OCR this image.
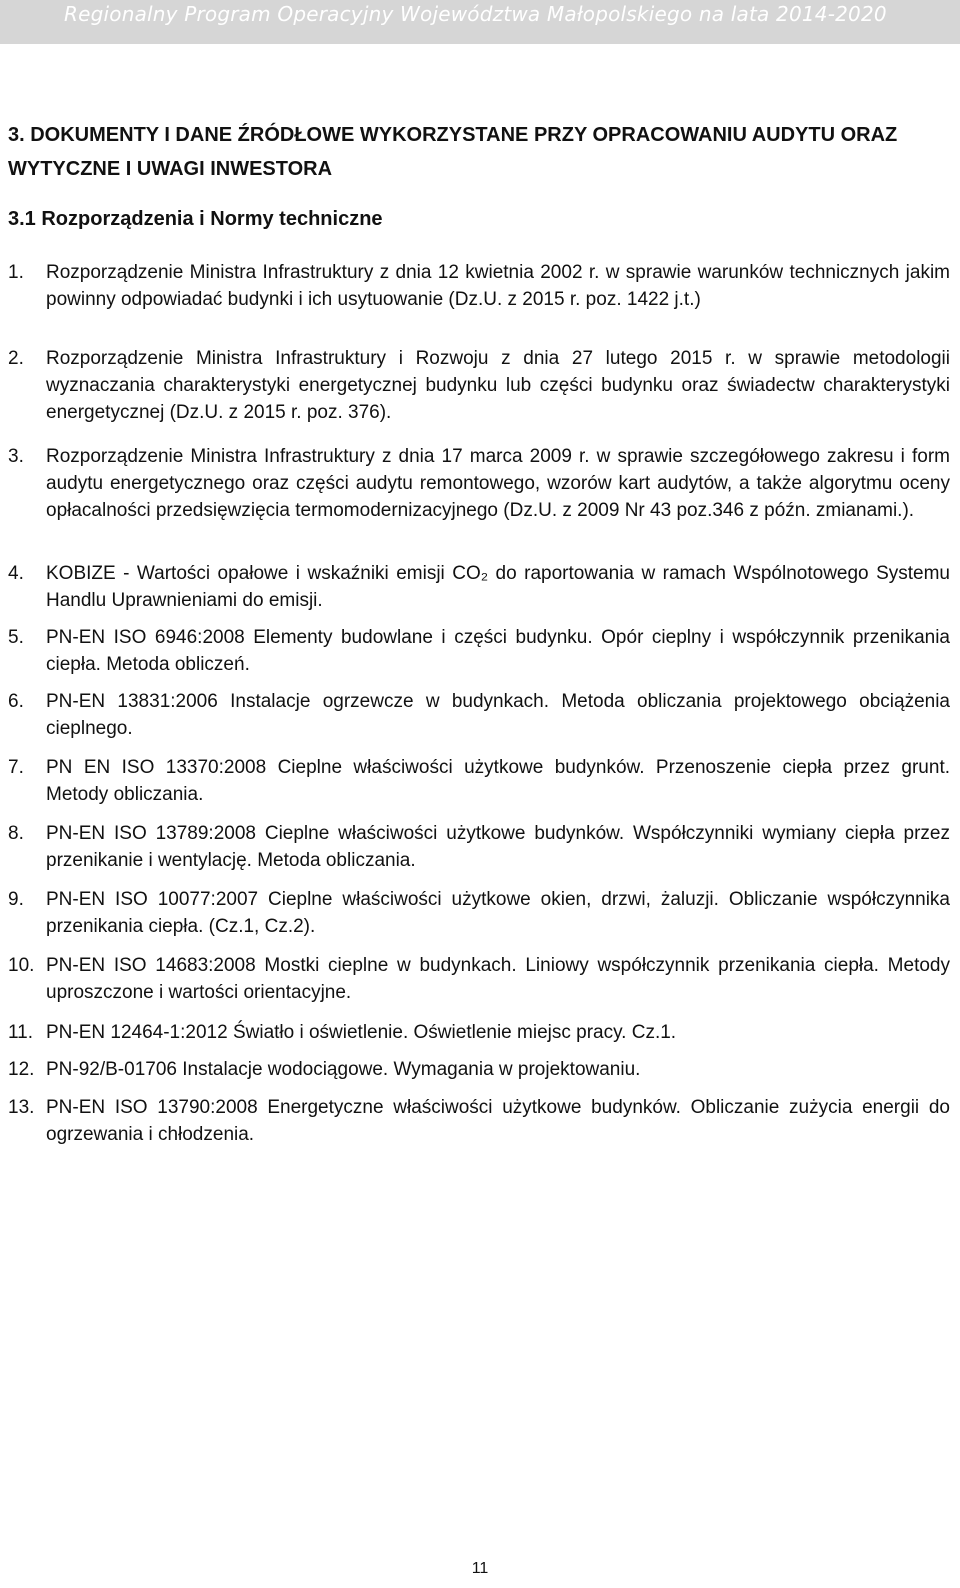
Regionalny Program Operacyjny Województwa Małopolskiego na lata 2014-2020
3. DOKUMENTY I DANE ŹRÓDŁOWE WYKORZYSTANE PRZY OPRACOWANIU AUDYTU ORAZ WYTYCZNE I UWAGI INWESTORA
3.1 Rozporządzenia i Normy techniczne
1.	Rozporządzenie Ministra Infrastruktury z dnia 12 kwietnia 2002 r. w sprawie warunków technicznych jakim powinny odpowiadać budynki i ich usytuowanie (Dz.U. z 2015 r. poz. 1422 j.t.)
2.	Rozporządzenie Ministra Infrastruktury i Rozwoju z dnia 27 lutego 2015 r. w sprawie metodologii wyznaczania charakterystyki energetycznej budynku lub części budynku oraz świadectw charakterystyki energetycznej (Dz.U. z 2015 r. poz. 376).
3.	Rozporządzenie Ministra Infrastruktury z dnia 17 marca 2009 r. w sprawie szczegółowego zakresu i form audytu energetycznego oraz części audytu remontowego, wzorów kart audytów, a także algorytmu oceny opłacalności przedsięwzięcia termomodernizacyjnego (Dz.U. z 2009 Nr 43 poz.346 z późn. zmianami.).
4.	KOBIZE - Wartości opałowe i wskaźniki emisji CO₂ do raportowania w ramach Wspólnotowego Systemu Handlu Uprawnieniami do emisji.
5.	PN-EN ISO 6946:2008 Elementy budowlane i części budynku. Opór cieplny i współczynnik przenikania ciepła. Metoda obliczeń.
6.	PN-EN 13831:2006 Instalacje ogrzewcze w budynkach. Metoda obliczania projektowego obciążenia cieplnego.
7.	PN EN ISO 13370:2008 Cieplne właściwości użytkowe budynków. Przenoszenie ciepła przez grunt. Metody obliczania.
8.	PN-EN ISO 13789:2008 Cieplne właściwości użytkowe budynków. Współczynniki wymiany ciepła przez przenikanie i wentylację. Metoda obliczania.
9.	PN-EN ISO 10077:2007 Cieplne właściwości użytkowe okien, drzwi, żaluzji. Obliczanie współczynnika przenikania ciepła. (Cz.1, Cz.2).
10. PN-EN ISO 14683:2008 Mostki cieplne w budynkach. Liniowy współczynnik przenikania ciepła. Metody uproszczone i wartości orientacyjne.
11. PN-EN 12464-1:2012 Światło i oświetlenie. Oświetlenie miejsc pracy. Cz.1.
12. PN-92/B-01706 Instalacje wodociągowe. Wymagania w projektowaniu.
13. PN-EN ISO 13790:2008 Energetyczne właściwości użytkowe budynków. Obliczanie zużycia energii do ogrzewania i chłodzenia.
11
